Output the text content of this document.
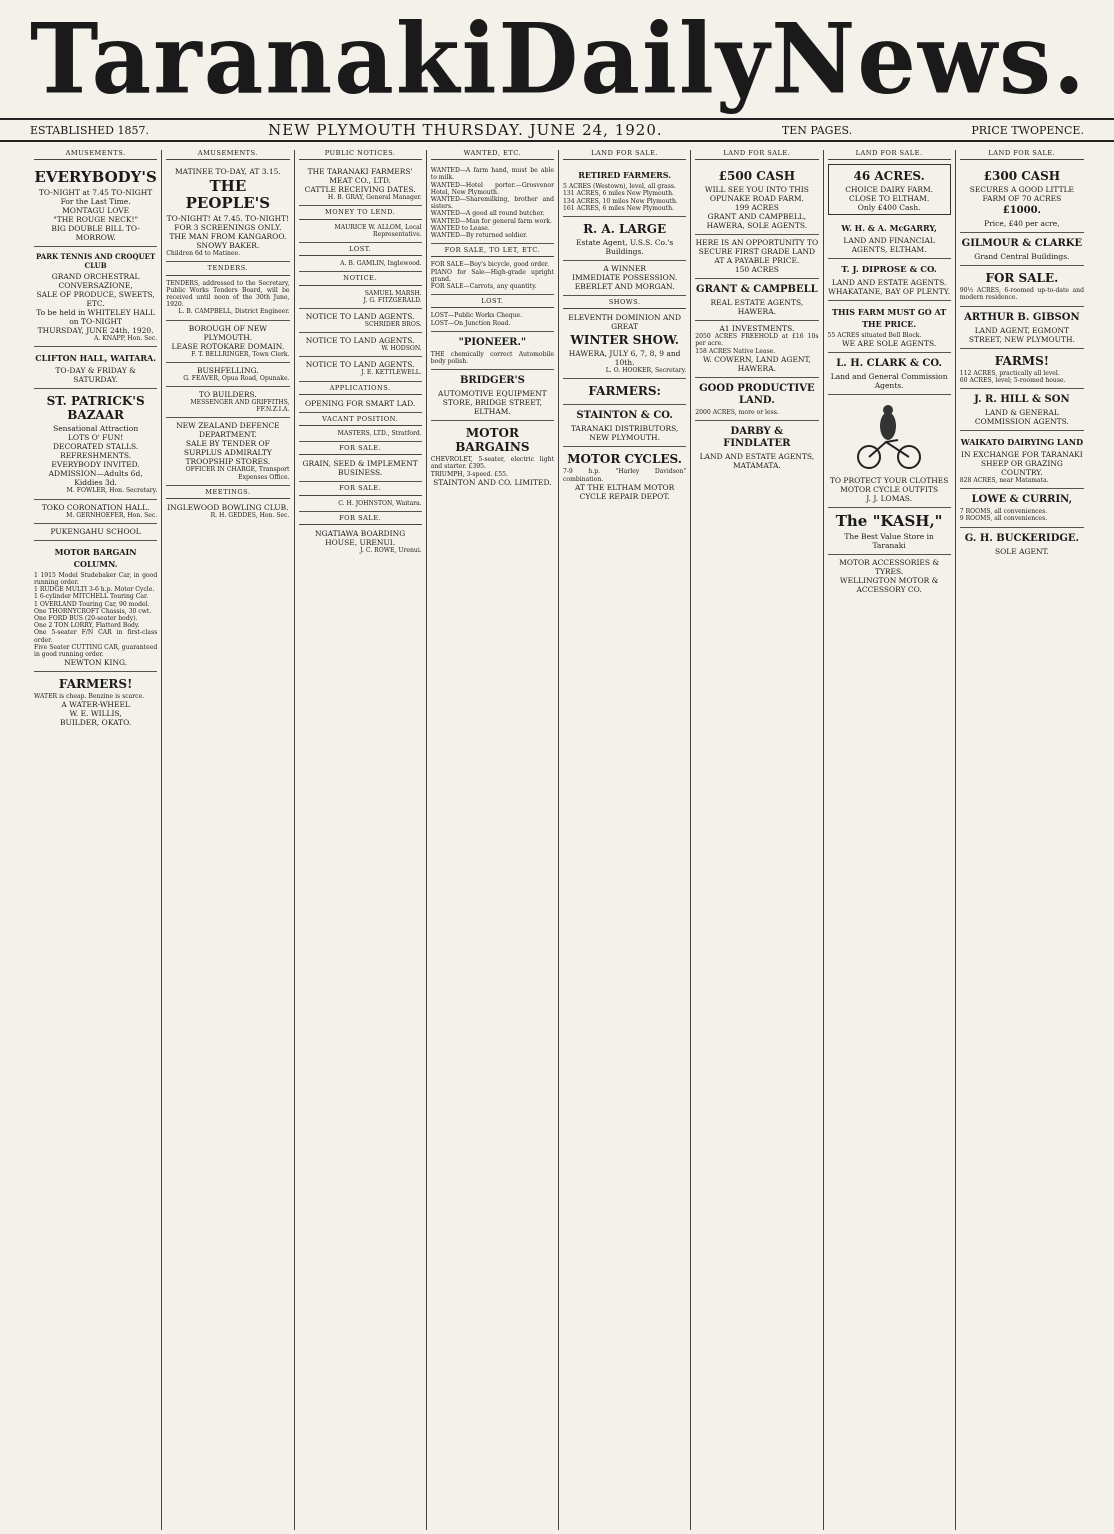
Taranaki Daily News.
ESTABLISHED 1857.	NEW PLYMOUTH THURSDAY. JUNE 24, 1920.	TEN PAGES.	PRICE TWOPENCE.
AMUSEMENTS.
EVERYBODY'S
TO-NIGHT at 7.45 TO-NIGHT
For the Last Time.
MONTAGU LOVE
"THE ROUGE NECK!"
BIG DOUBLE BILL TO-MORROW.
PARK TENNIS AND CROQUET CLUB
GRAND ORCHESTRAL CONVERSAZIONE,
SALE OF PRODUCE, SWEETS, ETC.
To be held in WHITELEY HALL on TO-NIGHT
THURSDAY, JUNE 24th, 1920.
A. KNAPP, Hon. Sec.
CLIFTON HALL, WAITARA.
TO-DAY & FRIDAY & SATURDAY.
ST. PATRICK'S BAZAAR
Sensational Attraction
LOTS O' FUN!
DECORATED STALLS.
REFRESHMENTS.
EVERYBODY INVITED.
ADMISSION—Adults 6d, Kiddies 3d.
M. FOWLER, Hon. Secretary.
TOKO CORONATION HALL.
M. GERNHOEFER, Hon. Sec.
PUKENGAHU SCHOOL
MOTOR BARGAIN COLUMN.
1 1915 Model Studebaker Car, in good running order.
1 RUDGE MULTI 3-6 h.p. Motor Cycle.
1 6-cylinder MITCHELL Touring Car.
1 OVERLAND Touring Car, 90 model.
One THORNYCROFT Chassis, 30 cwt.
One FORD BUS (20-seater body).
One 2 TON LORRY, Flattord Body.
One 5-seater F/N CAR in first-class order.
Five Seater CUTTING CAR, guaranteed in good running order.
NEWTON KING.
FARMERS!
WATER is cheap. Benzine is scarce.
A WATER-WHEEL
W. E. WILLIS,
BUILDER, OKATO.
AMUSEMENTS.
MATINEE TO-DAY, AT 3.15.
THE PEOPLE'S
TO-NIGHT! At 7.45. TO-NIGHT!
FOR 3 SCREENINGS ONLY.
THE MAN FROM KANGAROO.
SNOWY BAKER.
Children 6d to Matinee.
TENDERS.
TENDERS, addressed to the Secretary, Public Works Tenders Board, will be received until noon of the 30th June, 1920.
L. B. CAMPBELL, District Engineer.
BOROUGH OF NEW PLYMOUTH.
LEASE ROTOKARE DOMAIN.
F. T. BELLRINGER, Town Clerk.
BUSHFELLING.
G. FEAVER, Opua Road, Opunake.
TO BUILDERS.
MESSENGER AND GRIFFITHS, FF.N.Z.I.A.
NEW ZEALAND DEFENCE DEPARTMENT.
SALE BY TENDER OF SURPLUS ADMIRALTY TROOPSHIP STORES.
OFFICER IN CHARGE, Transport Expenses Office.
MEETINGS.
INGLEWOOD BOWLING CLUB.
R. H. GEDDES, Hon. Sec.
PUBLIC NOTICES.
THE TARANAKI FARMERS' MEAT CO., LTD.
CATTLE RECEIVING DATES.
H. B. GRAY, General Manager.
MONEY TO LEND.
MAURICE W. ALLOM, Local Representative.
LOST.
A. B. GAMLIN, Inglewood.
NOTICE.
SAMUEL MARSH.
J. G. FITZGERALD.
NOTICE TO LAND AGENTS.
SCHRIDER BROS.
NOTICE TO LAND AGENTS.
W. HODSON.
NOTICE TO LAND AGENTS.
J. E. KETTLEWELL.
APPLICATIONS.
OPENING FOR SMART LAD.
VACANT POSITION.
MASTERS, LTD., Stratford.
FOR SALE.
GRAIN, SEED & IMPLEMENT BUSINESS.
FOR SALE.
C. H. JOHNSTON, Waitara.
FOR SALE.
NGATIAWA BOARDING HOUSE, URENUI.
J. C. ROWE, Urenui.
WANTED, ETC.
WANTED—A farm hand, must be able to milk.
WANTED—Hotel porter.—Grosvenor Hotel, New Plymouth.
WANTED—Sharemilking, brother and sisters.
WANTED—A good all round butcher.
WANTED—Man for general farm work.
WANTED to Lease.
WANTED—By returned soldier.
FOR SALE, TO LET, ETC.
FOR SALE—Boy's bicycle, good order.
PIANO for Sale—High-grade upright grand.
FOR SALE—Carrots, any quantity.
LOST.
LOST—Public Works Cheque.
LOST—On Junction Road.
"PIONEER."
THE chemically correct Automobile body polish.
BRIDGER'S
AUTOMOTIVE EQUIPMENT STORE, BRIDGE STREET, ELTHAM.
MOTOR BARGAINS
CHEVROLET, 5-seater, electric light and starter. £395.
TRIUMPH, 3-speed. £55.
STAINTON AND CO. LIMITED.
LAND FOR SALE.
RETIRED FARMERS.
5 ACRES (Westown), level, all grass.
131 ACRES, 6 miles New Plymouth.
134 ACRES, 10 miles New Plymouth.
161 ACRES, 6 miles New Plymouth.
R. A. LARGE
Estate Agent, U.S.S. Co.'s Buildings.
A WINNER
IMMEDIATE POSSESSION.
EBERLET AND MORGAN.
SHOWS.
ELEVENTH DOMINION AND GREAT
WINTER SHOW.
HAWERA, JULY 6, 7, 8, 9 and 10th.
L. O. HOOKER, Secretary.
FARMERS:
STAINTON & CO.
TARANAKI DISTRIBUTORS, NEW PLYMOUTH.
MOTOR CYCLES.
7-9 h.p. "Harley Davidson" combination.
AT THE ELTHAM MOTOR CYCLE REPAIR DEPOT.
LAND FOR SALE.
£500 CASH
WILL SEE YOU INTO THIS
OPUNAKE ROAD FARM.
199 ACRES
GRANT AND CAMPBELL, HAWERA, SOLE AGENTS.
HERE IS AN OPPORTUNITY TO SECURE FIRST GRADE LAND AT A PAYABLE PRICE.
150 ACRES
GRANT & CAMPBELL
REAL ESTATE AGENTS, HAWERA.
A1 INVESTMENTS.
2050 ACRES FREEHOLD at £16 10s per acre.
158 ACRES Native Lease.
W. COWERN, LAND AGENT, HAWERA.
GOOD PRODUCTIVE LAND.
2000 ACRES, more or less.
DARBY & FINDLATER
LAND AND ESTATE AGENTS, MATAMATA.
LAND FOR SALE.
46 ACRES.
CHOICE DAIRY FARM.
CLOSE TO ELTHAM.
Only £400 Cash.
W. H. & A. McGARRY,
LAND AND FINANCIAL AGENTS, ELTHAM.
T. J. DIPROSE & CO.
LAND AND ESTATE AGENTS. WHAKATANE, BAY OF PLENTY.
THIS FARM MUST GO AT THE PRICE.
55 ACRES situated Bell Block.
WE ARE SOLE AGENTS.
L. H. CLARK & CO.
Land and General Commission Agents.
TO PROTECT YOUR CLOTHES
MOTOR CYCLE OUTFITS
J. J. LOMAS.
The "KASH,"
The Best Value Store in Taranaki
MOTOR ACCESSORIES & TYRES.
WELLINGTON MOTOR & ACCESSORY CO.
LAND FOR SALE.
£300 CASH
SECURES A GOOD LITTLE FARM OF 70 ACRES
£1000.
Price, £40 per acre,
GILMOUR & CLARKE
Grand Central Buildings.
FOR SALE.
90½ ACRES, 6-roomed up-to-date and modern residence.
ARTHUR B. GIBSON
LAND AGENT, EGMONT STREET, NEW PLYMOUTH.
FARMS!
112 ACRES, practically all level.
60 ACRES, level; 5-roomed house.
J. R. HILL & SON
LAND & GENERAL COMMISSION AGENTS.
WAIKATO DAIRYING LAND
IN EXCHANGE FOR TARANAKI SHEEP OR GRAZING COUNTRY.
828 ACRES, near Matamata.
LOWE & CURRIN,
7 ROOMS, all conveniences.
9 ROOMS, all conveniences.
G. H. BUCKERIDGE.
SOLE AGENT.
